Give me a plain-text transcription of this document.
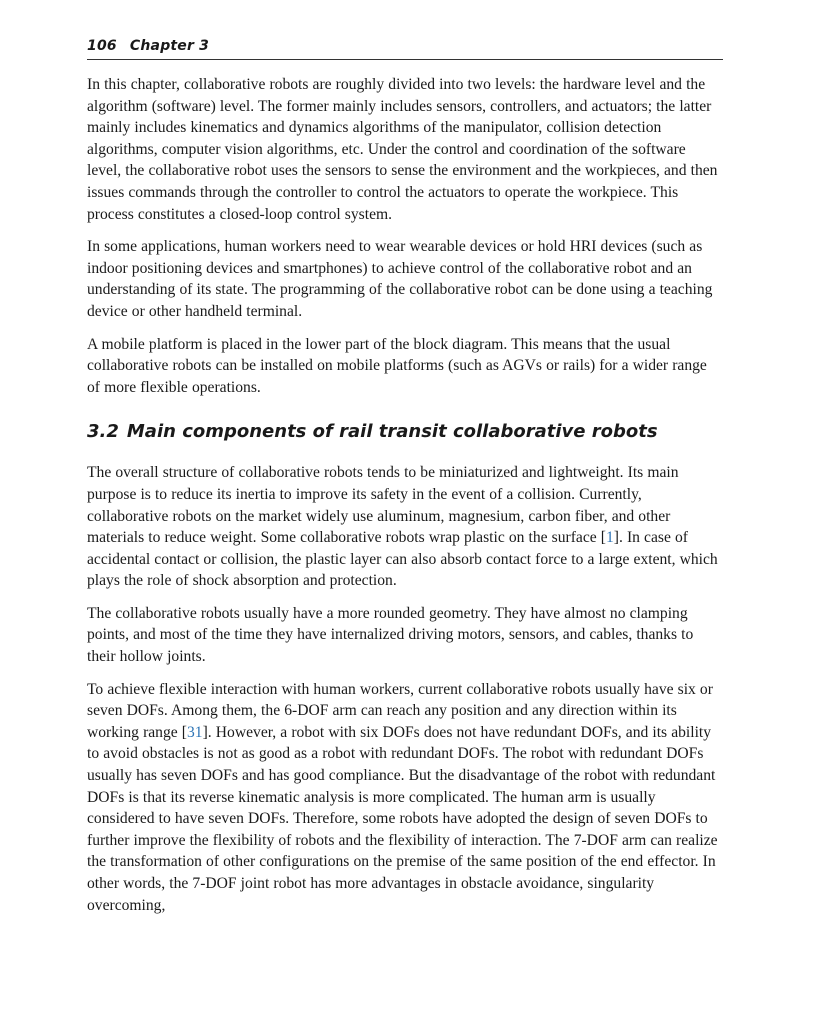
106 Chapter 3

In this chapter, collaborative robots are roughly divided into two levels: the hardware level and the algorithm (software) level. The former mainly includes sensors, controllers, and actuators; the latter mainly includes kinematics and dynamics algorithms of the manipulator, collision detection algorithms, computer vision algorithms, etc. Under the control and coordination of the software level, the collaborative robot uses the sensors to sense the environment and the workpieces, and then issues commands through the controller to control the actuators to operate the workpiece. This process constitutes a closed-loop control system.

In some applications, human workers need to wear wearable devices or hold HRI devices (such as indoor positioning devices and smartphones) to achieve control of the collaborative robot and an understanding of its state. The programming of the collaborative robot can be done using a teaching device or other handheld terminal.

A mobile platform is placed in the lower part of the block diagram. This means that the usual collaborative robots can be installed on mobile platforms (such as AGVs or rails) for a wider range of more flexible operations.

3.2 Main components of rail transit collaborative robots

The overall structure of collaborative robots tends to be miniaturized and lightweight. Its main purpose is to reduce its inertia to improve its safety in the event of a collision. Currently, collaborative robots on the market widely use aluminum, magnesium, carbon fiber, and other materials to reduce weight. Some collaborative robots wrap plastic on the surface [1]. In case of accidental contact or collision, the plastic layer can also absorb contact force to a large extent, which plays the role of shock absorption and protection.

The collaborative robots usually have a more rounded geometry. They have almost no clamping points, and most of the time they have internalized driving motors, sensors, and cables, thanks to their hollow joints.

To achieve flexible interaction with human workers, current collaborative robots usually have six or seven DOFs. Among them, the 6-DOF arm can reach any position and any direction within its working range [31]. However, a robot with six DOFs does not have redundant DOFs, and its ability to avoid obstacles is not as good as a robot with redundant DOFs. The robot with redundant DOFs usually has seven DOFs and has good compliance. But the disadvantage of the robot with redundant DOFs is that its reverse kinematic analysis is more complicated. The human arm is usually considered to have seven DOFs. Therefore, some robots have adopted the design of seven DOFs to further improve the flexibility of robots and the flexibility of interaction. The 7-DOF arm can realize the transformation of other configurations on the premise of the same position of the end effector. In other words, the 7-DOF joint robot has more advantages in obstacle avoidance, singularity overcoming,
